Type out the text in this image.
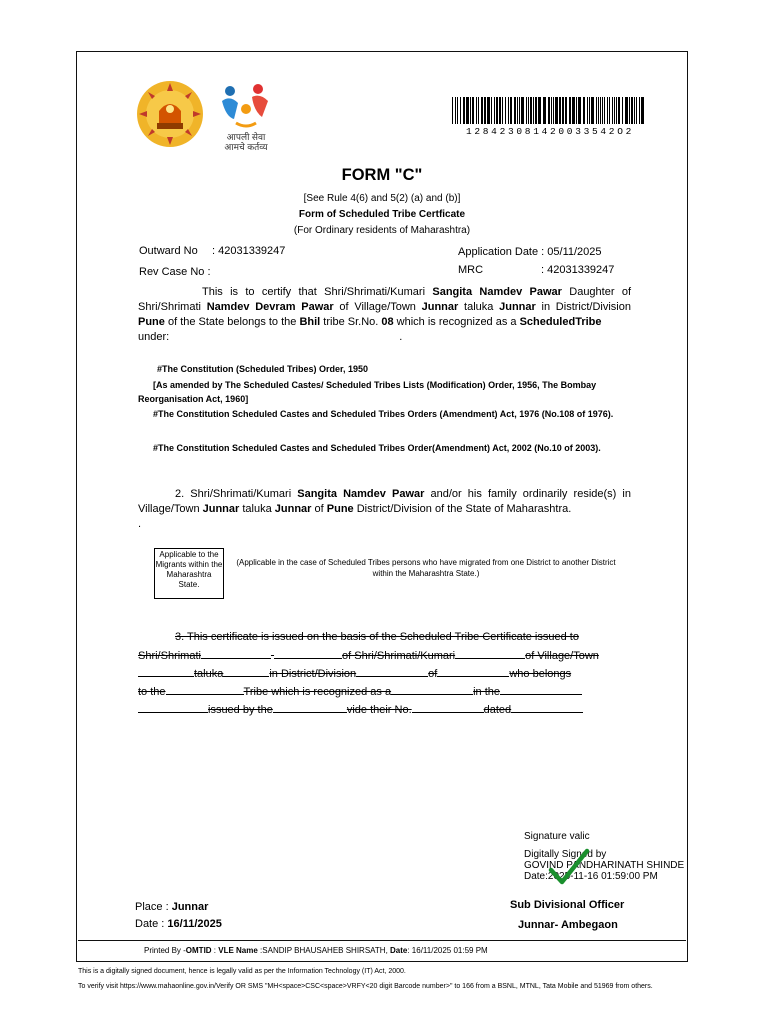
आपली सेवा
आमचे कर्तव्य
128423081420033542O2
FORM "C"
[See Rule 4(6) and 5(2) (a) and (b)]
Form of Scheduled Tribe Certficate
(For Ordinary residents of Maharashtra)
Outward No : 42031339247
Rev Case No :
Application Date : 05/11/2025
MRC	: 42031339247
This is to certify that Shri/Shrimati/Kumari Sangita Namdev Pawar Daughter of Shri/Shrimati Namdev Devram Pawar of Village/Town Junnar taluka Junnar in District/Division Pune of the State belongs to the Bhil tribe Sr.No. 08 which is recognized as a ScheduledTribe
under:	.
#The Constitution (Scheduled Tribes) Order, 1950
[As amended by The Scheduled Castes/ Scheduled Tribes Lists (Modification) Order, 1956, The Bombay Reorganisation Act, 1960]
#The Constitution Scheduled Castes and Scheduled Tribes Orders (Amendment) Act, 1976 (No.108 of 1976).
#The Constitution Scheduled Castes and Scheduled Tribes Order(Amendment) Act, 2002 (No.10 of 2003).
2. Shri/Shrimati/Kumari Sangita Namdev Pawar and/or his family ordinarily reside(s) in Village/Town Junnar taluka Junnar of Pune District/Division of the State of Maharashtra.
.
Applicable to the Migrants within the Maharashtra State.
(Applicable in the case of Scheduled Tribes persons who have migrated from one District to another District within the Maharashtra State.)
3. This certificate is issued on the basis of the Scheduled Tribe Certificate issued to
Shri/Shrimati	of Shri/Shrimati/Kumari	of Village/Town
taluka	in District/Division	of	who belongs
to the	Tribe which is recognized as a	in the
issued by the	vide their No.	dated
Signature valic
Digitally Signed by
GOVIND PANDHARINATH SHINDE
Date:2025-11-16 01:59:00 PM
Place : Junnar
Date : 16/11/2025
Sub Divisional Officer
Junnar- Ambegaon
Printed By -OMTID : VLE Name :SANDIP BHAUSAHEB SHIRSATH, Date: 16/11/2025 01:59 PM
This is a digitally signed document, hence is legally valid as per the Information Technology (IT) Act, 2000.
To verify visit https://www.mahaonline.gov.in/Verify OR SMS "MH<space>CSC<space>VRFY<20 digit Barcode number>" to 166 from a BSNL, MTNL, Tata Mobile and 51969 from others.
